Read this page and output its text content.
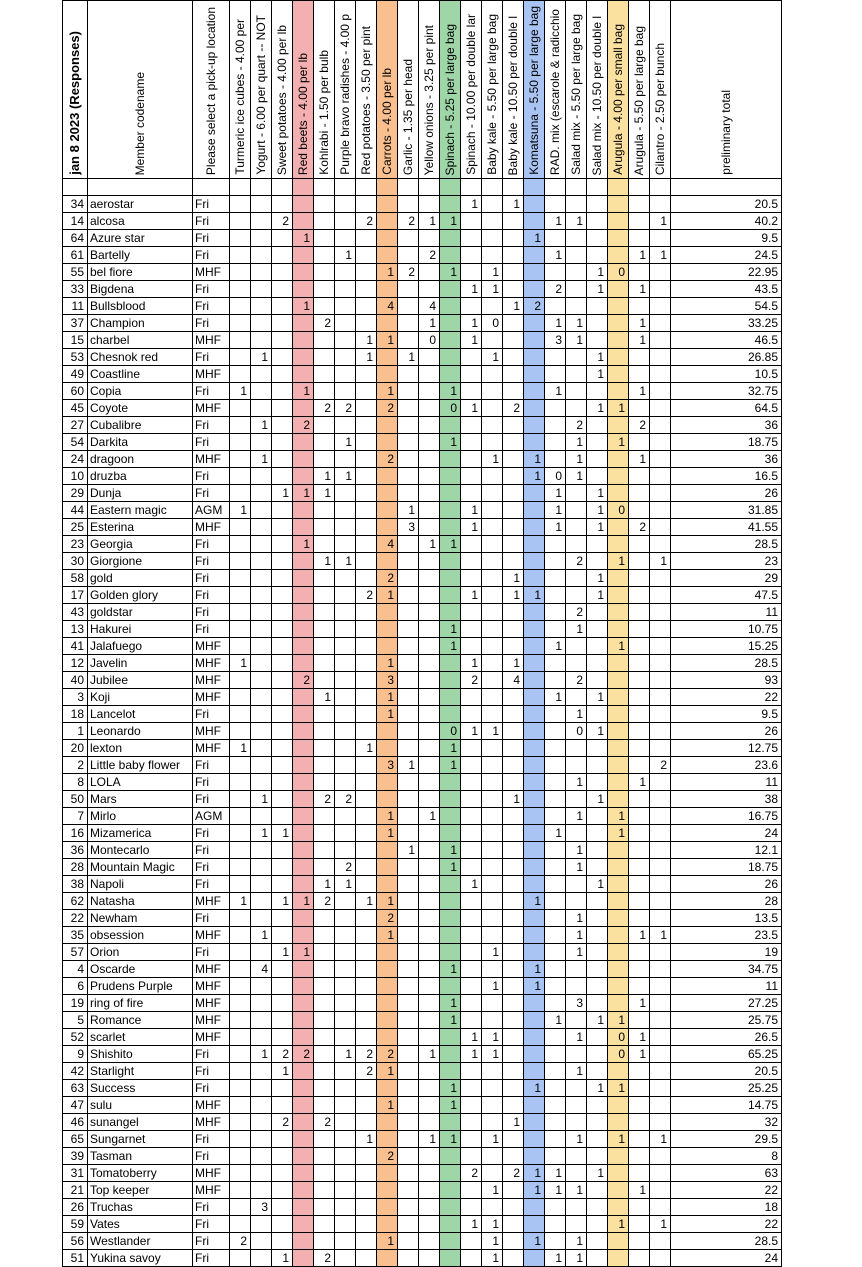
jan 8 2023 (Responses)	Member codename	Please select a pick-up location	Turmeric ice cubes - 4.00 per	Yogurt - 6.00 per quart -- NOT	Sweet potatoes - 4.00 per lb	Red beets - 4.00 per lb	Kohlrabi - 1.50 per bulb	Purple bravo radishes - 4.00 p	Red potatoes - 3.50 per pint	Carrots - 4.00 per lb	Garlic - 1.35 per head	Yellow onions - 3.25 per pint	Spinach - 5.25 per large bag	Spinach - 10.00 per double lar	Baby kale - 5.50 per large bag	Baby kale - 10.50 per double l	Komatsuna - 5.50 per large bag	RAD. mix (escarole & radicchio	Salad mix - 5.50 per large bag	Salad mix - 10.50 per double l	Arugula - 4.00 per small bag	Arugula - 5.50 per large bag	Cilantro - 2.50 per bunch	preliminary total

34	aerostar	Fri												1		1								20.5
14	alcosa	Fri			2				2		2	1	1					1	1				1	40.2
64	Azure star	Fri				1											1							9.5
61	Bartelly	Fri						1				2						1				1	1	24.5
55	bel fiore	MHF								1	2		1		1					1	0			22.95
33	Bigdena	Fri												1	1			2		1		1		43.5
11	Bullsblood	Fri				1				4		4				1	2							54.5
37	Champion	Fri					2					1		1	0			1	1			1		33.25
15	charbel	MHF							1	1		0		1				3	1			1		46.5
53	Chesnok red	Fri		1					1		1				1					1				26.85
49	Coastline	MHF																		1				10.5
60	Copia	Fri	1			1				1			1					1				1		32.75
45	Coyote	MHF					2	2		2			0	1		2				1	1			64.5
27	Cubalibre	Fri		1		2													2			2		36
54	Darkita	Fri						1					1						1		1			18.75
24	dragoon	MHF		1						2					1		1		1			1		36
10	druzba	Fri					1	1									1	0	1					16.5
29	Dunja	Fri			1	1	1											1		1				26
44	Eastern magic	AGM	1								1			1				1		1	0			31.85
25	Esterina	MHF									3			1				1		1		2		41.55
23	Georgia	Fri				1				4		1	1											28.5
30	Giorgione	Fri					1	1											2		1		1	23
58	gold	Fri								2						1				1				29
17	Golden glory	Fri							2	1				1		1	1			1				47.5
43	goldstar	Fri																	2					11
13	Hakurei	Fri											1						1					10.75
41	Jalafuego	MHF											1					1			1			15.25
12	Javelin	MHF	1							1				1		1								28.5
40	Jubilee	MHF				2				3				2		4			2					93
3	Koji	MHF					1			1								1		1				22
18	Lancelot	Fri								1									1					9.5
1	Leonardo	MHF											0	1	1				0	1				26
20	lexton	MHF	1						1				1											12.75
2	Little baby flower	Fri								3	1		1										2	23.6
8	LOLA	Fri																	1			1		11
50	Mars	Fri		1			2	2								1				1				38
7	Mirlo	AGM								1		1							1		1			16.75
16	Mizamerica	Fri		1	1					1								1			1			24
36	Montecarlo	Fri									1		1						1					12.1
28	Mountain Magic	Fri						2					1						1					18.75
38	Napoli	Fri					1	1						1						1				26
62	Natasha	MHF	1		1	1	2		1	1							1							28
22	Newham	Fri								2									1					13.5
35	obsession	MHF		1						1									1			1	1	23.5
57	Orion	Fri			1	1									1				1					19
4	Oscarde	MHF		4									1				1							34.75
6	Prudens Purple	MHF													1		1							11
19	ring of fire	MHF											1						3			1		27.25
5	Romance	MHF											1					1		1	1			25.75
52	scarlet	MHF												1	1				1		0	1		26.5
9	Shishito	Fri		1	2	2		1	2	2		1		1	1						0	1		65.25
42	Starlight	Fri			1				2	1									1					20.5
63	Success	Fri											1				1			1	1			25.25
47	sulu	MHF								1			1											14.75
46	sunangel	MHF			2		2									1								32
65	Sungarnet	Fri							1			1	1		1				1		1		1	29.5
39	Tasman	Fri								2														8
31	Tomatoberry	MHF												2		2	1	1		1				63
21	Top keeper	MHF													1		1	1	1			1		22
26	Truchas	Fri		3																				18
59	Vates	Fri												1	1						1		1	22
56	Westlander	Fri	2							1					1		1		1					28.5
51	Yukina savoy	Fri			1		2								1			1	1					24
